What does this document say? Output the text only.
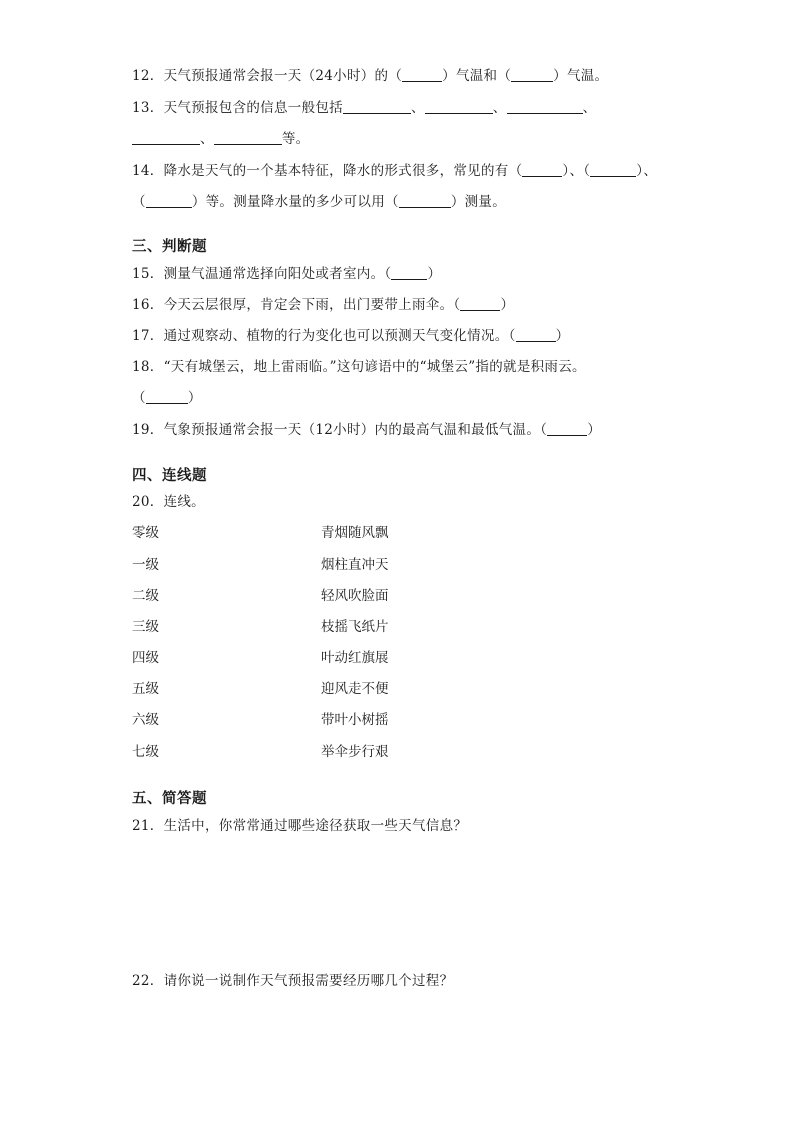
12．天气预报通常会报一天（24小时）的（	）气温和（	）气温。
13．天气预报包含的信息一般包括	、	、	、
、	等。
14．降水是天气的一个基本特征，降水的形式很多，常见的有（	）、（	）、
（	）等。测量降水量的多少可以用（	）测量。
三、判断题
15．测量气温通常选择向阳处或者室内。（	）
16．今天云层很厚，肯定会下雨，出门要带上雨伞。（	）
17．通过观察动、植物的行为变化也可以预测天气变化情况。（	）
18．“天有城堡云，地上雷雨临。”这句谚语中的“城堡云”指的就是积雨云。
（	）
19．气象预报通常会报一天（12小时）内的最高气温和最低气温。（	）
四、连线题
20．连线。
零级	青烟随风飘
一级	烟柱直冲天
二级	轻风吹脸面
三级	枝摇飞纸片
四级	叶动红旗展
五级	迎风走不便
六级	带叶小树摇
七级	举伞步行艰
五、简答题
21．生活中，你常常通过哪些途径获取一些天气信息？
22．请你说一说制作天气预报需要经历哪几个过程？
